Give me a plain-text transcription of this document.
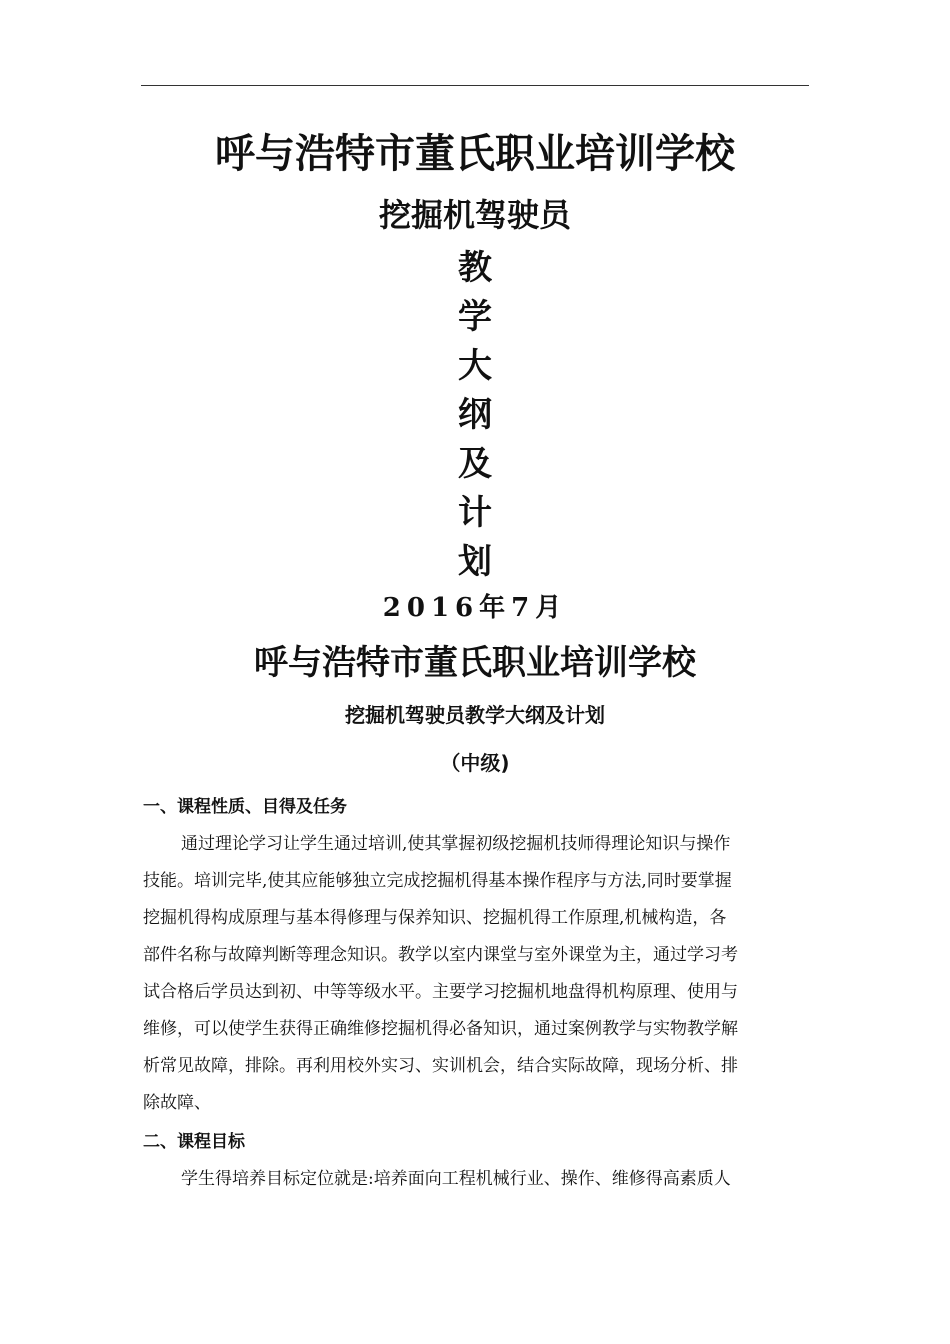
呼与浩特市董氏职业培训学校
挖掘机驾驶员
教
学
大
纲
及
计
划
2016年7月
呼与浩特市董氏职业培训学校
挖掘机驾驶员教学大纲及计划
（中级)
一、课程性质、目得及任务
通过理论学习让学生通过培训,使其掌握初级挖掘机技师得理论知识与操作
技能。培训完毕,使其应能够独立完成挖掘机得基本操作程序与方法,同时要掌握
挖掘机得构成原理与基本得修理与保养知识、挖掘机得工作原理,机械构造，各
部件名称与故障判断等理念知识。教学以室内课堂与室外课堂为主，通过学习考
试合格后学员达到初、中等等级水平。主要学习挖掘机地盘得机构原理、使用与
维修，可以使学生获得正确维修挖掘机得必备知识，通过案例教学与实物教学解
析常见故障，排除。再利用校外实习、实训机会，结合实际故障，现场分析、排
除故障、
二、课程目标
学生得培养目标定位就是:培养面向工程机械行业、操作、维修得高素质人
